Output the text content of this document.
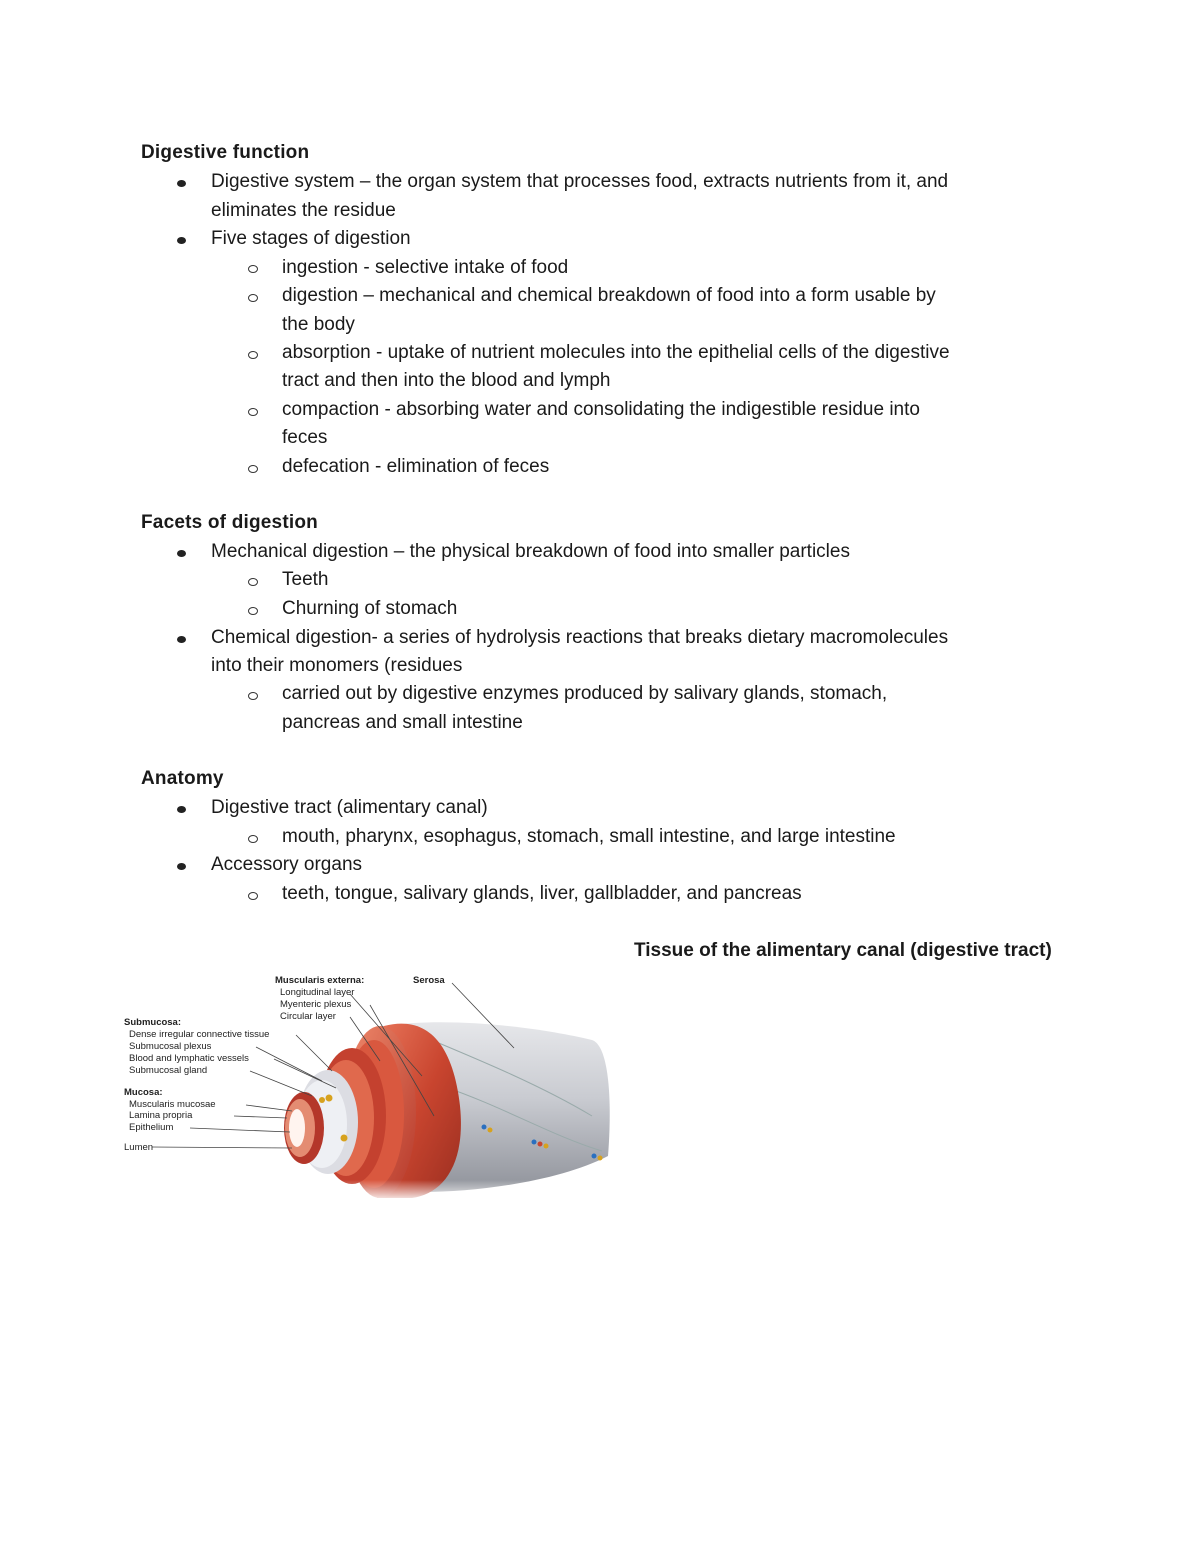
Digestive function
Digestive system – the organ system that processes food, extracts nutrients from it, and
eliminates the residue
Five stages of digestion
ingestion - selective intake of food
digestion – mechanical and chemical breakdown of food into a form usable by
the body
absorption - uptake of nutrient molecules into the epithelial cells of the digestive
tract and then into the blood and lymph
compaction - absorbing water and consolidating the indigestible residue into
feces
defecation - elimination of feces
Facets of digestion
Mechanical digestion – the physical breakdown of food into smaller particles
Teeth
Churning of stomach
Chemical digestion- a series of hydrolysis reactions that breaks dietary macromolecules
into their monomers (residues
carried out by digestive enzymes produced by salivary glands, stomach,
pancreas and small intestine
Anatomy
Digestive tract (alimentary canal)
mouth, pharynx, esophagus, stomach, small intestine, and large intestine
Accessory organs
teeth, tongue, salivary glands, liver, gallbladder, and pancreas
Tissue of the alimentary canal (digestive tract)
Muscularis externa:
Longitudinal layer
Myenteric plexus
Circular layer
Serosa
Submucosa:
Dense irregular connective tissue
Submucosal plexus
Blood and lymphatic vessels
Submucosal gland
Mucosa:
Muscularis mucosae
Lamina propria
Epithelium
Lumen
